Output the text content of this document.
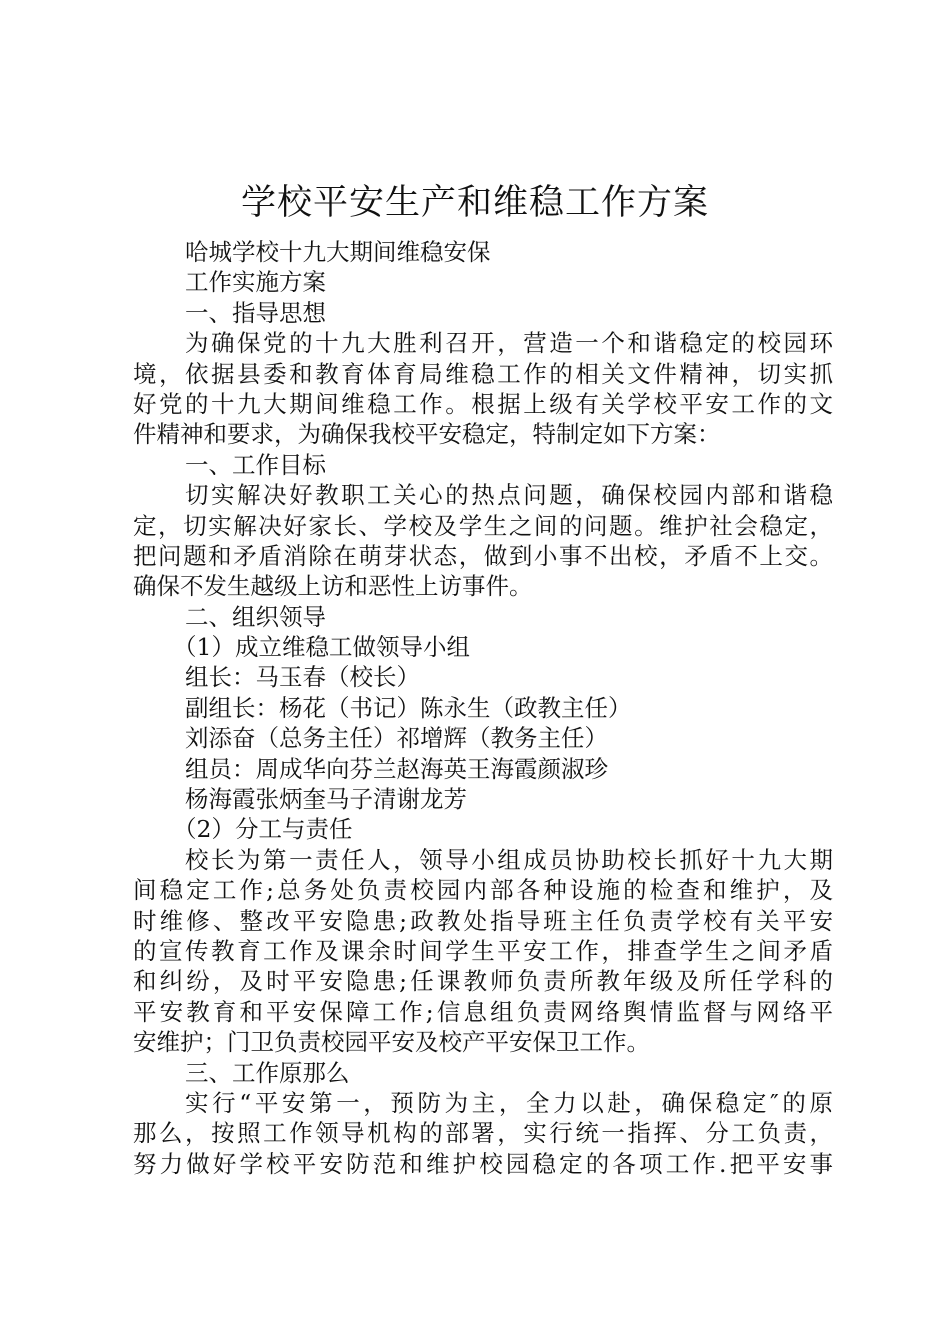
学校平安生产和维稳工作方案
哈城学校十九大期间维稳安保
工作实施方案
一、指导思想
为确保党的十九大胜利召开，营造一个和谐稳定的校园环
境，依据县委和教育体育局维稳工作的相关文件精神，切实抓
好党的十九大期间维稳工作。根据上级有关学校平安工作的文
件精神和要求，为确保我校平安稳定，特制定如下方案：
一、工作目标
切实解决好教职工关心的热点问题，确保校园内部和谐稳
定，切实解决好家长、学校及学生之间的问题。维护社会稳定，
把问题和矛盾消除在萌芽状态，做到小事不出校，矛盾不上交。
确保不发生越级上访和恶性上访事件。
二、组织领导
（1）成立维稳工做领导小组
组长：马玉春（校长）
副组长：杨花（书记）陈永生（政教主任）
刘添奋（总务主任）祁增辉（教务主任）
组员：周成华向芬兰赵海英王海霞颜淑珍
杨海霞张炳奎马子清谢龙芳
（2）分工与责任
校长为第一责任人，领导小组成员协助校长抓好十九大期
间稳定工作;总务处负责校园内部各种设施的检查和维护，及
时维修、整改平安隐患;政教处指导班主任负责学校有关平安
的宣传教育工作及课余时间学生平安工作，排查学生之间矛盾
和纠纷，及时平安隐患;任课教师负责所教年级及所任学科的
平安教育和平安保障工作;信息组负责网络舆情监督与网络平
安维护；门卫负责校园平安及校产平安保卫工作。
三、工作原那么
实行“平安第一，预防为主，全力以赴，确保稳定″的原
那么，按照工作领导机构的部署，实行统一指挥、分工负责，
努力做好学校平安防范和维护校园稳定的各项工作.把平安事
